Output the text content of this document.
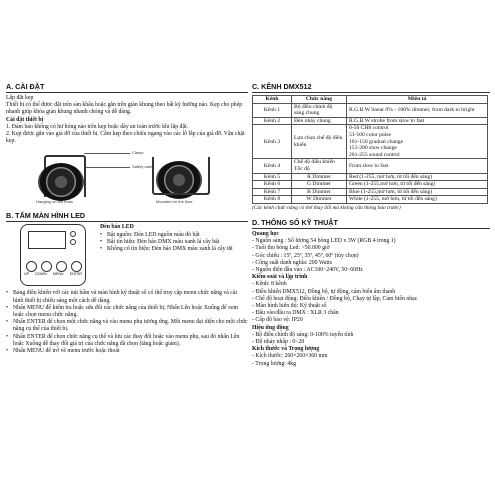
A. CÀI ĐẶT

Lắp đặt kẹp

Thiết bị có thể được đặt trên sàn khấu hoặc gắn trên giàn khung theo bất kỳ hướng nào. Kẹp cho phép nhanh giúp khóa giàn khung nhanh chóng và dễ dàng.

Cài đặt thiết bị

1. Đảm bảo không có hư hỏng nào trên kẹp hoặc dây an toàn trước khi lắp đặt.

2. Kẹp được gắn vào giá đỡ của thiết bị. Cắm kẹp theo chiều ngang vào các lỗ lắp của giá đỡ. Vặn chặt kẹp.

Clamp
Safety cable
Hanging on the truss	Mounted on the floor
B. TẤM MÀN HÌNH LED
UP DOWN MENU ENTER

Đèn báo LED

• Bật nguồn: Đèn LED nguồn màu đỏ bật
• Bật tín hiệu: Đèn báo DMX màu xanh lá cây bật
• Không có tín hiệu: Đèn báo DMX màu xanh lá cây tắt
• Bảng điều khiển với các nút bấm và màn hình kỹ thuật số có thể truy cập menu chức năng và cài hình thiết bị chiếu sáng một cách dễ dàng.
• Nhấn MENU để kiểm tra hoặc sửa đổi các chức năng của thiết bị; Nhấn Lên hoặc Xuống để xem hoặc chọn menu chức năng.
• Nhấn ENTER để chọn một chức năng và vào menu phụ tương ứng. Mỗi menu đại diện cho một chức năng cụ thể của thiết bị.
• Nhấn ENTER để chọn chức năng cụ thể và lưu các thay đổi hoặc vào menu phụ, sau đó nhấn Lên hoặc Xuống để thay đổi giá trị của chức năng đã chọn (tăng hoặc giảm).
• Nhấn MENU để trở về menu trước hoặc thoát
C. KÊNH DMX512
Kênh	Chức năng	Miêu tả
Kênh 1	Bộ điều chỉnh độ sáng chung	R.G.B.W linear 0% - 100% dimmer, from dark to bright
Kênh 2	Đèn nháy chung	R.G.B.W strobe from slow to fast
Kênh 3	Lựa chọn chế độ điều khiển	0-50 CH8 control
51-100 color pulse
101-150 gradual change
151-200 slow change
201-255 sound control

Kênh 4	Chế độ điều khiển Tốc độ	From slow to fast
Kênh 5	R Dimmer	Red (1-255, mờ hơn, từ tối đến sáng)
Kênh 6	G Dimmer	Green (1-255,mờ hơn, từ tối đến sáng)
Kênh 7	B Dimmer	Blue (1-255,mờ hơn, từ tối đến sáng)
Kênh 8	W Dimmer	White (1-255, mờ hơn, từ tối đến sáng)

(Các kênh chức năng có thể thay đổi mà không cần thông báo trước)

D. THÔNG SỐ KỸ THUẬT

Quang học

- Nguồn sáng : Số lượng 54 bóng LED x 3W (RGB 4 trong 1)

- Tuổi thọ bóng Led: >50.000 giờ

- Góc chiếu : 15º, 25º, 35º, 45º, 60º (tùy chọn)

- Công suất danh nghĩa: 200 Watts

- Nguồn điện đầu vào : AC100~240V, 50~60Hz

Kiểm soát và lập trình

- Kênh: 8 kênh

- Điều khiển DMX512, Đồng bộ, tự động, cảm biến âm thanh

- Chế độ hoạt động: Điều khiển / Đồng bộ, Chạy tự lập, Cảm biến nhạc

- Màn hình hiển thị: Kỹ thuật số

- Đầu vào/đầu ra DMX : XLR 3 chân

- Cấp độ bảo vệ: IP20

Hiệu ứng động

- Bộ điều chỉnh độ sáng: 0-100% tuyến tính

- Độ nháy nhấp : 0~20

Kích thước và Trọng lượng

- Kích thước: 260×260×360 mm

- Trọng lượng: 4kg
